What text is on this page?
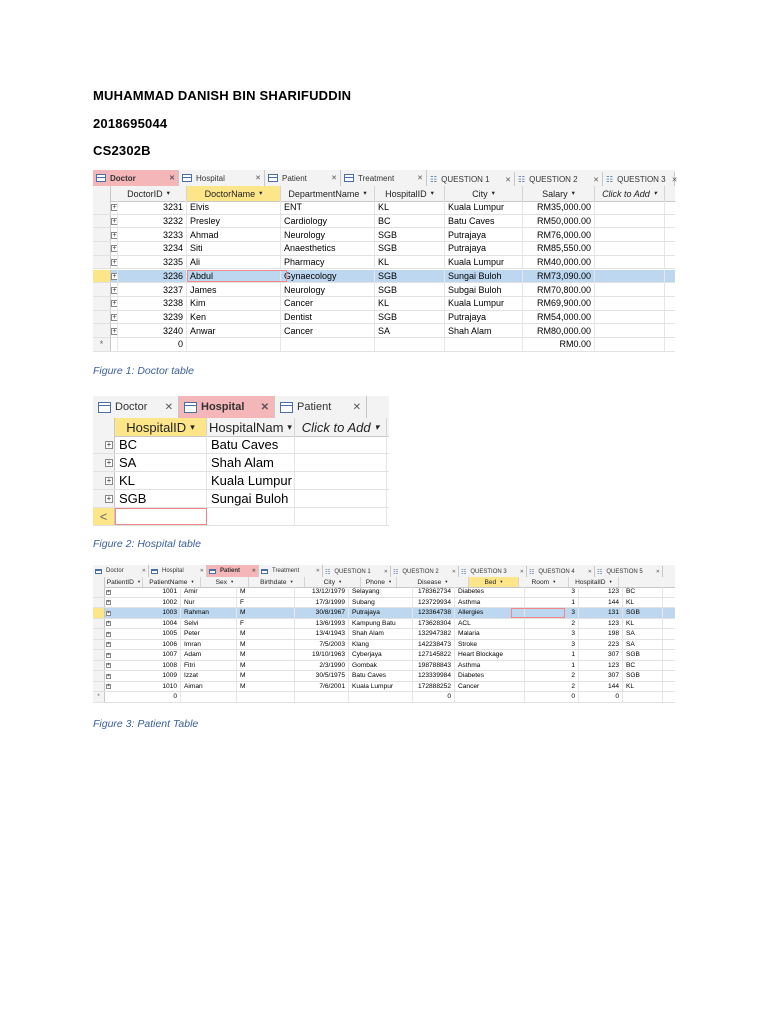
MUHAMMAD DANISH BIN SHARIFUDDIN
2018695044
CS2302B
Doctor	✕	Hospital	✕	Patient	✕	Treatment	✕ ☷ QUESTION 1	✕ ☷ QUESTION 2	✕ ☷ QUESTION 3 ✕
DoctorID ▾	DoctorName ▾	DepartmentName ▾ HospitalID ▾	City ▾	Salary ▾	Click to Add ▾
+	3231 Elvis	ENT	KL	Kuala Lumpur	RM35,000.00
+	3232 Presley	Cardiology	BC	Batu Caves	RM50,000.00
+	3233 Ahmad	Neurology	SGB	Putrajaya	RM76,000.00
+	3234 Siti	Anaesthetics	SGB	Putrajaya	RM85,550.00
+	3235 Ali	Pharmacy	KL	Kuala Lumpur	RM40,000.00
+	3236 Abdul	Gynaecology	SGB	Sungai Buloh	RM73,090.00
+	3237 James	Neurology	SGB	Subgai Buloh	RM70,800.00
+	3238 Kim	Cancer	KL	Kuala Lumpur	RM69,900.00
+	3239 Ken	Dentist	SGB	Putrajaya	RM54,000.00
+	3240 Anwar	Cancer	SA	Shah Alam	RM80,000.00
*	0	RM0.00
Figure 1: Doctor table
Doctor	✕	Hospital	✕	Patient	✕
HospitalID ▾ HospitalNam ▾ Click to Add ▾
+ BC	Batu Caves
+ SA	Shah Alam
+ KL	Kuala Lumpur
+ SGB	Sungai Buloh
<
Figure 2: Hospital table
Doctor	✕	Hospital	✕	Patient	✕	Treatment	✕ ☷ QUESTION 1	✕ ☷ QUESTION 2	✕ ☷ QUESTION 3	✕ ☷ QUESTION 4	✕ ☷ QUESTION 5	✕
PatientID ▾ PatientName ▾	Sex ▾	Birthdate ▾	City ▾	Phone ▾	Disease ▾	Bed ▾	Room ▾	HospitalID ▾
+	1001 Amir	M	13/12/1979 Selayang	178362734 Diabetes	3	123 BC
+	1002 Nur	F	17/3/1999 Subang	123729934 Asthma	1	144 KL
+	1003 Rahman	M	30/8/1967 Putrajaya	123364738 Allergies	3	131 SGB
+	1004 Selvi	F	13/6/1993 Kampung Batu	173628304 ACL	2	123 KL
+	1005 Peter	M	13/4/1943 Shah Alam	132947382 Malaria	3	198 SA
+	1006 Imran	M	7/5/2003 Klang	142238473 Stroke	3	223 SA
+	1007 Adam	M	19/10/1963 Cyberjaya	127145822 Heart Blockage	1	307 SGB
+	1008 Fitri	M	2/3/1990 Gombak	198788843 Asthma	1	123 BC
+	1009 Izzat	M	30/5/1975 Batu Caves	123339984 Diabetes	2	307 SGB
+	1010 Aiman	M	7/6/2001 Kuala Lumpur	172888252 Cancer	2	144 KL
*	0	0	0	0
Figure 3: Patient Table
